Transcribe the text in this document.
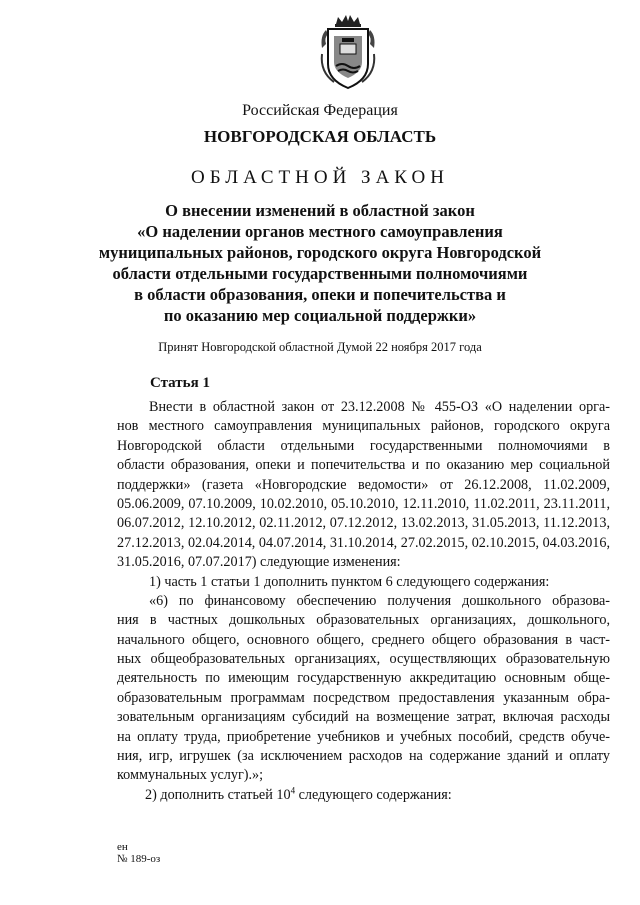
Российская Федерация
НОВГОРОДСКАЯ ОБЛАСТЬ
ОБЛАСТНОЙ ЗАКОН
О внесении изменений в областной закон
«О наделении органов местного самоуправления
муниципальных районов, городского округа Новгородской
области отдельными государственными полномочиями
в области образования, опеки и попечительства и
по оказанию мер социальной поддержки»
Принят Новгородской областной Думой 22 ноября 2017 года
Статья 1
Внести в областной закон от 23.12.2008 № 455-ОЗ «О наделении орга-
нов местного самоуправления муниципальных районов, городского округа
Новгородской области отдельными государственными полномочиями в
области образования, опеки и попечительства и по оказанию мер социальной
поддержки» (газета «Новгородские ведомости» от 26.12.2008, 11.02.2009,
05.06.2009, 07.10.2009, 10.02.2010, 05.10.2010, 12.11.2010, 11.02.2011, 23.11.2011,
06.07.2012, 12.10.2012, 02.11.2012, 07.12.2012, 13.02.2013, 31.05.2013, 11.12.2013,
27.12.2013, 02.04.2014, 04.07.2014, 31.10.2014, 27.02.2015, 02.10.2015, 04.03.2016,
31.05.2016, 07.07.2017) следующие изменения:
1) часть 1 статьи 1 дополнить пунктом 6 следующего содержания:
«6) по финансовому обеспечению получения дошкольного образова-
ния в частных дошкольных образовательных организациях, дошкольного,
начального общего, основного общего, среднего общего образования в част-
ных общеобразовательных организациях, осуществляющих образовательную
деятельность по имеющим государственную аккредитацию основным обще-
образовательным программам посредством предоставления указанным обра-
зовательным организациям субсидий на возмещение затрат, включая расходы
на оплату труда, приобретение учебников и учебных пособий, средств обуче-
ния, игр, игрушек (за исключением расходов на содержание зданий и оплату
коммунальных услуг).»;
2) дополнить статьей $10^4$ следующего содержания:
ен
№ 189-оз
